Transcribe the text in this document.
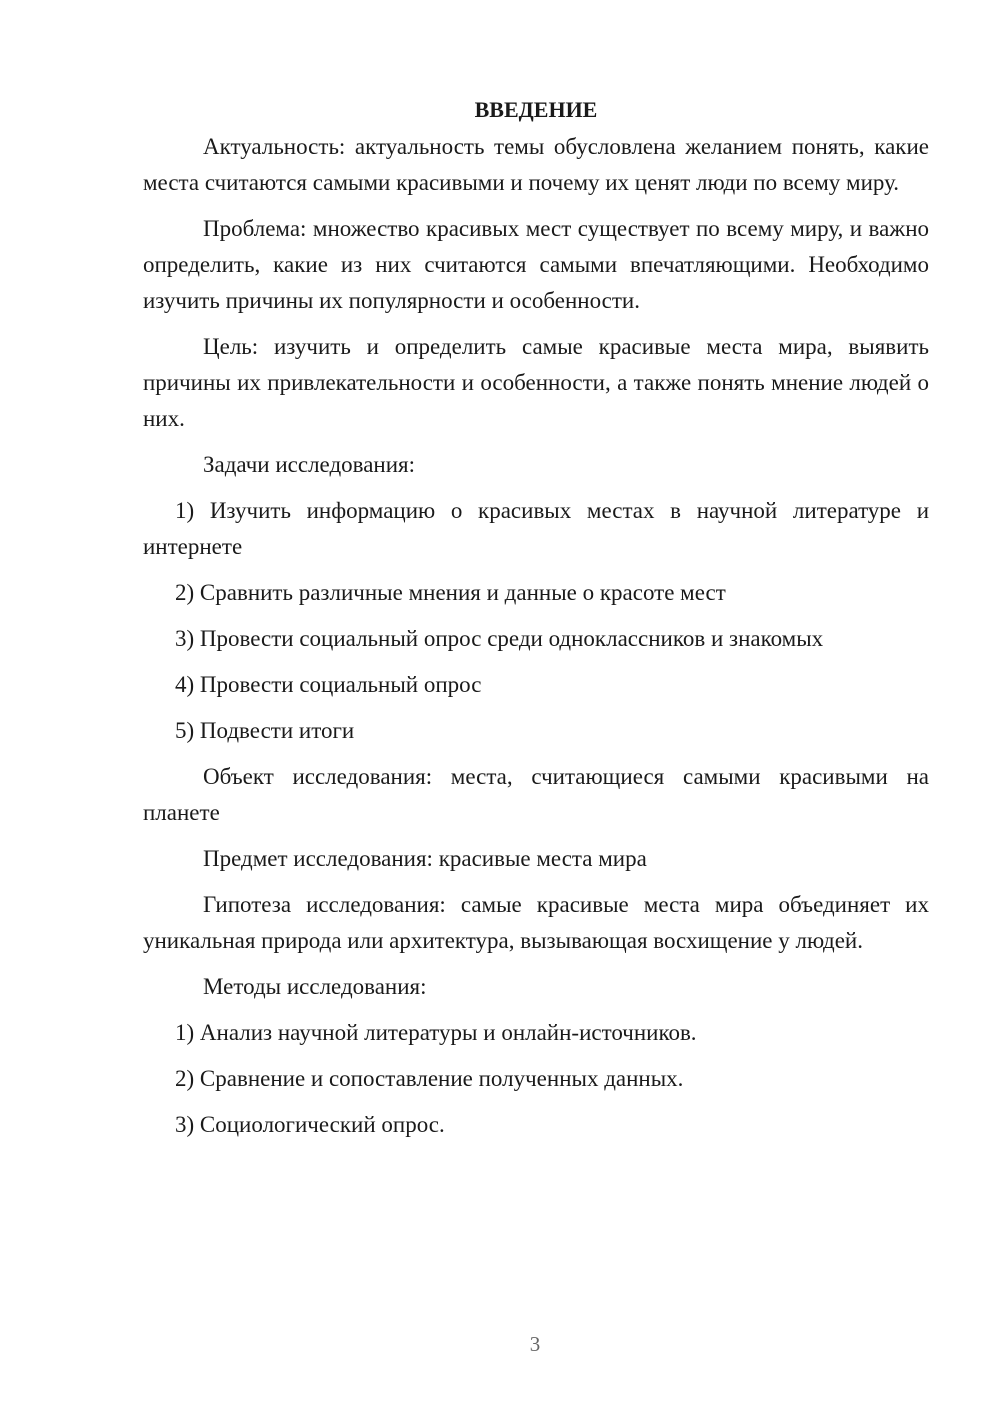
ВВЕДЕНИЕ

Актуальность: актуальность темы обусловлена желанием понять, какие места считаются самыми красивыми и почему их ценят люди по всему миру.

Проблема: множество красивых мест существует по всему миру, и важно определить, какие из них считаются самыми впечатляющими. Необходимо изучить причины их популярности и особенности.

Цель: изучить и определить самые красивые места мира, выявить причины их привлекательности и особенности, а также понять мнение людей о них.

Задачи исследования:

1) Изучить информацию о красивых местах в научной литературе и интернете

2) Сравнить различные мнения и данные о красоте мест

3) Провести социальный опрос среди одноклассников и знакомых

4) Провести социальный опрос

5) Подвести итоги

Объект исследования: места, считающиеся самыми красивыми на планете

Предмет исследования: красивые места мира

Гипотеза исследования: самые красивые места мира объединяет их уникальная природа или архитектура, вызывающая восхищение у людей.

Методы исследования:

1) Анализ научной литературы и онлайн-источников.

2) Сравнение и сопоставление полученных данных.

3) Социологический опрос.

3
